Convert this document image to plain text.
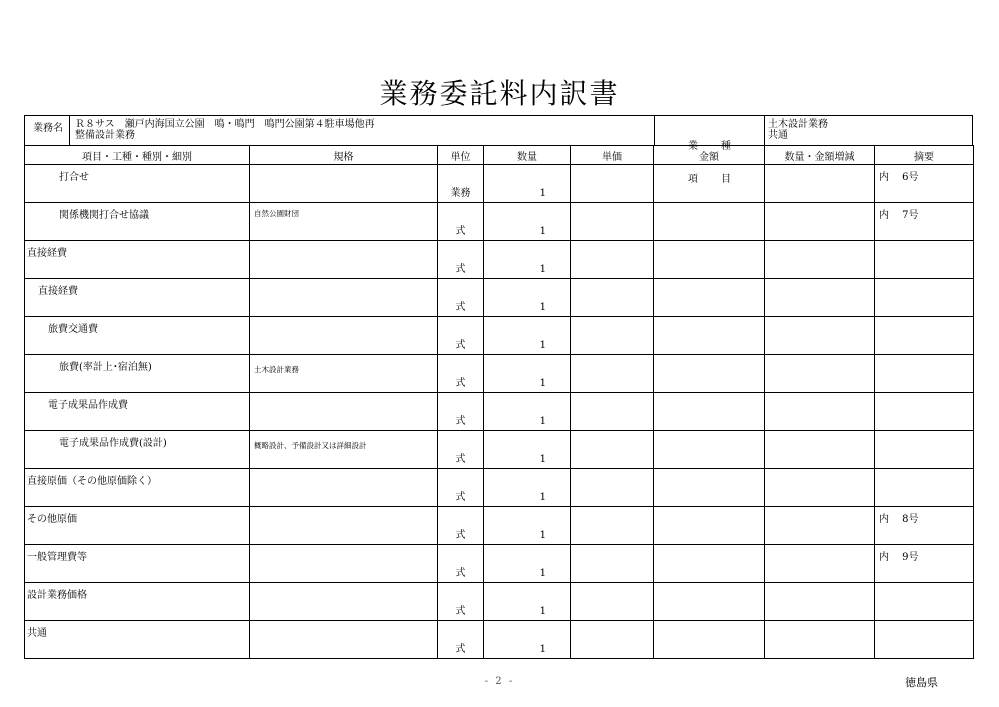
業務委託料内訳書
業務名 Ｒ８サス　瀬戸内海国立公園　鳴・鳴門　鳴門公園第４駐車場他再
整備設計業務

業　　種

項　　目

土木設計業務
共通
項目・工種・種別・細別	規格	単位	数量	単価	金額	数量・金額増減	摘要

打合せ		業務	1				内　 6号

関係機関打合せ協議	自然公園財団	式	1				内　 7号

直接経費		式	1				

直接経費		式	1				

旅費交通費		式	1				

旅費(率計上･宿泊無)	土木設計業務	式	1				

電子成果品作成費		式	1				

電子成果品作成費(設計)	概略設計、予備設計又は詳細設計	式	1				

直接原価（その他原価除く）		式	1				

その他原価		式	1				内　 8号

一般管理費等		式	1				内　 9号

設計業務価格		式	1				

共通		式	1				

- 2 -	徳島県
